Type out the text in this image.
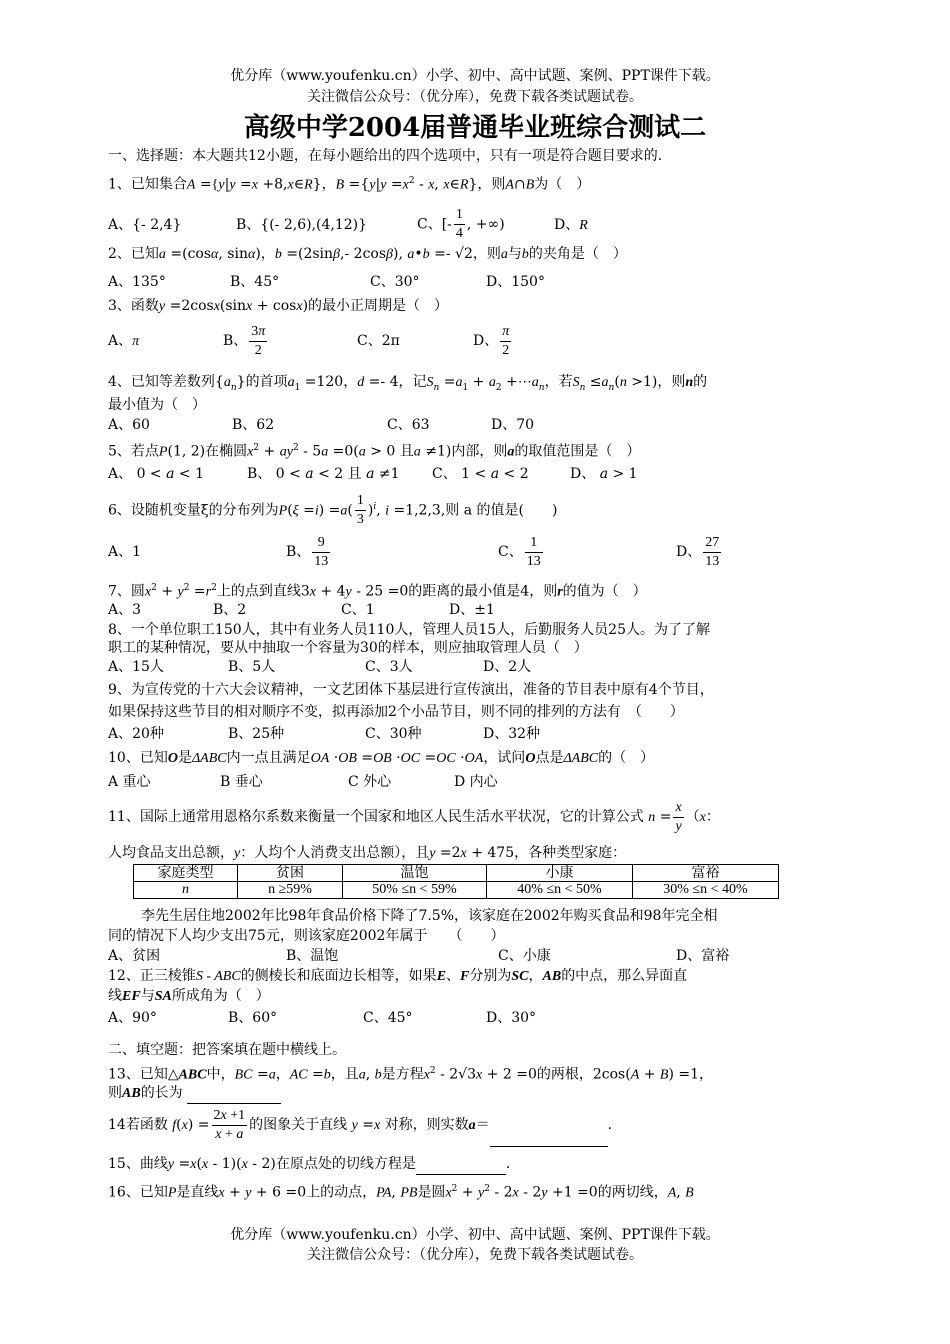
优分库（www.youfenku.cn）小学、初中、高中试题、案例、PPT课件下载。
关注微信公众号：（优分库），免费下载各类试题试卷。
高级中学2004届普通毕业班综合测试二
一、选择题：本大题共12小题，在每小题给出的四个选项中，只有一项是符合题目要求的.
1、已知集合A ={y|y =x +8,x∈R}，$B =\{y|y =x^2 - x$, x∈R}，则A∩B为（　）
A、{- 2,4}	B、{(- 2,6),(4,12)}	C、[- $\frac{1}{4}$ , +∞)	D、R
2、已知a =(cosα, sinα)，b =(2sinβ,- 2cosβ), a•b =- √2，则a与b的夹角是（　）
A、135°	B、45°	C、30°	D、150°
3、函数y =2cosx(sinx + cosx)的最小正周期是（　）
A、π	B、 $\frac{3\pi}{2}$	C、2π	D、 $\frac{\pi}{2}$
4、已知等差数列$\{a_n\}$的首项$a_1 =120$，d =- 4，记$S_n =a_1 + a_2$ $+\cdots a_n$，若$S_n \le a_n(n >1)$，则n的
最小值为（　）
A、60	B、62	C、63	D、70
5、若点P(1, 2)在椭圆$x^2 + ay^2 - 5a =0(a > 0$ 且a ≠1)内部，则a的取值范围是（　）
A、 0 < a < 1	B、 0 < a < 2 且 a ≠1 C、 1 < a < 2	D、 a > 1
6、设随机变量ξ的分布列为$P(\xi =i) =a( \frac{1}{3} )^i$, i =1,2,3,则 a 的值是(　　)
A、1	B、 $\frac{9}{13}$	C、 $\frac{1}{13}$	D、 $\frac{27}{13}$
7、圆$x^2 + y^2 =r^2$上的点到直线3x + 4y - 25 =0的距离的最小值是4，则r的值为（　）
A、3	B、2	C、1	D、±1
8、一个单位职工150人，其中有业务人员110人，管理人员15人，后勤服务人员25人。为了了解
职工的某种情况，要从中抽取一个容量为30的样本，则应抽取管理人员（　）
A、15人	B、5人	C、3人	D、2人
9、为宣传党的十六大会议精神，一文艺团体下基层进行宣传演出，准备的节目表中原有4个节目，
如果保持这些节目的相对顺序不变，拟再添加2个小品节目，则不同的排列的方法有　（　　）
A、20种	B、25种	C、30种	D、32种
10、已知O是ΔABC内一点且满足OA ·OB =OB ·OC =OC ·OA，试问O点是ΔABC的（　）
A 重心	B 垂心	C 外心	D 内心
11、国际上通常用恩格尔系数来衡量一个国家和地区人民生活水平状况，它的计算公式 $n = \frac{x}{y} (x$：
人均食品支出总额，y：人均个人消费支出总额），且y =2x + 475，各种类型家庭：
家庭类型	贫困	温饱	小康	富裕
n	n ≥59%	50% ≤n < 59%	40% ≤n < 50%	30% ≤n < 40%
李先生居住地2002年比98年食品价格下降了7.5%，该家庭在2002年购买食品和98年完全相
同的情况下人均少支出75元，则该家庭2002年属于　　（　　）
A、贫困	B、温饱	C、小康	D、富裕
12、正三棱锥S - ABC的侧棱长和底面边长相等，如果E、F分别为SC，AB的中点，那么异面直
线EF与SA所成角为（　）
A、90°	B、60°	C、45°	D、30°
二、填空题：把答案填在题中横线上。
13、已知△ABC中，BC =a，AC =b，且a, b是方程$x^2 - 2√3x + 2 =0$的两根，2cos(A + B) =1，
则AB的长为
14若函数 $f(x) = \frac{2x +1}{x + a}$ 的图象关于直线 y =x 对称，则实数a＝	.
15、曲线y =x(x - 1)(x - 2)在原点处的切线方程是	.
16、已知P是直线x + y + 6 =0上的动点，PA, PB是圆$x^2 + y^2 - 2x - 2y +1 =0$的两切线，A, B
优分库（www.youfenku.cn）小学、初中、高中试题、案例、PPT课件下载。
关注微信公众号：（优分库），免费下载各类试题试卷。
